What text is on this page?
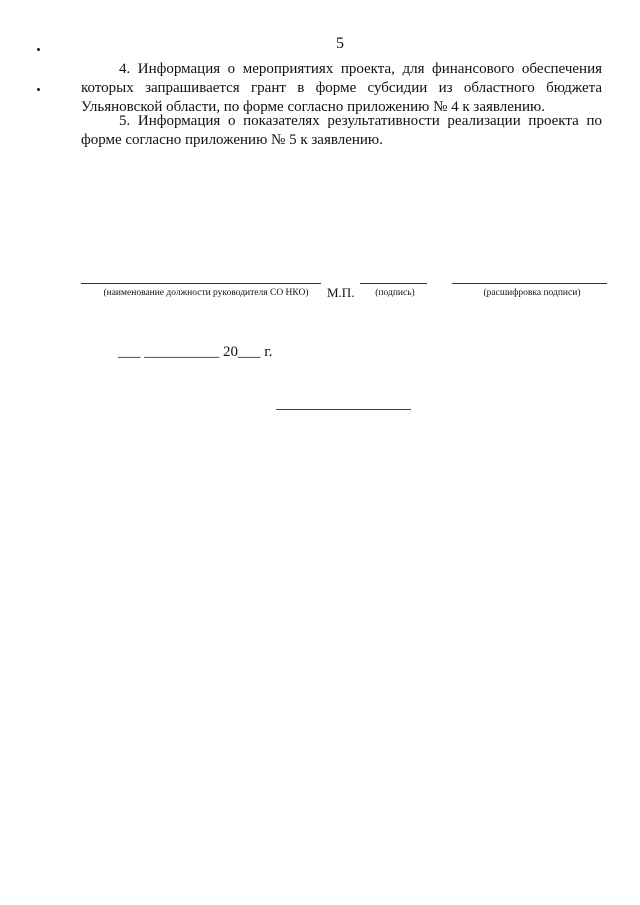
5

4. Информация о мероприятиях проекта, для финансового обеспечения которых запрашивается грант в форме субсидии из областного бюджета Ульяновской области, по форме согласно приложению № 4 к заявлению.

5. Информация о показателях результативности реализации проекта по форме согласно приложению № 5 к заявлению.

(наименование должности руководителя СО НКО) М.П.	(подпись)	(расшифровка подписи)
___ __________ 20___ г.
